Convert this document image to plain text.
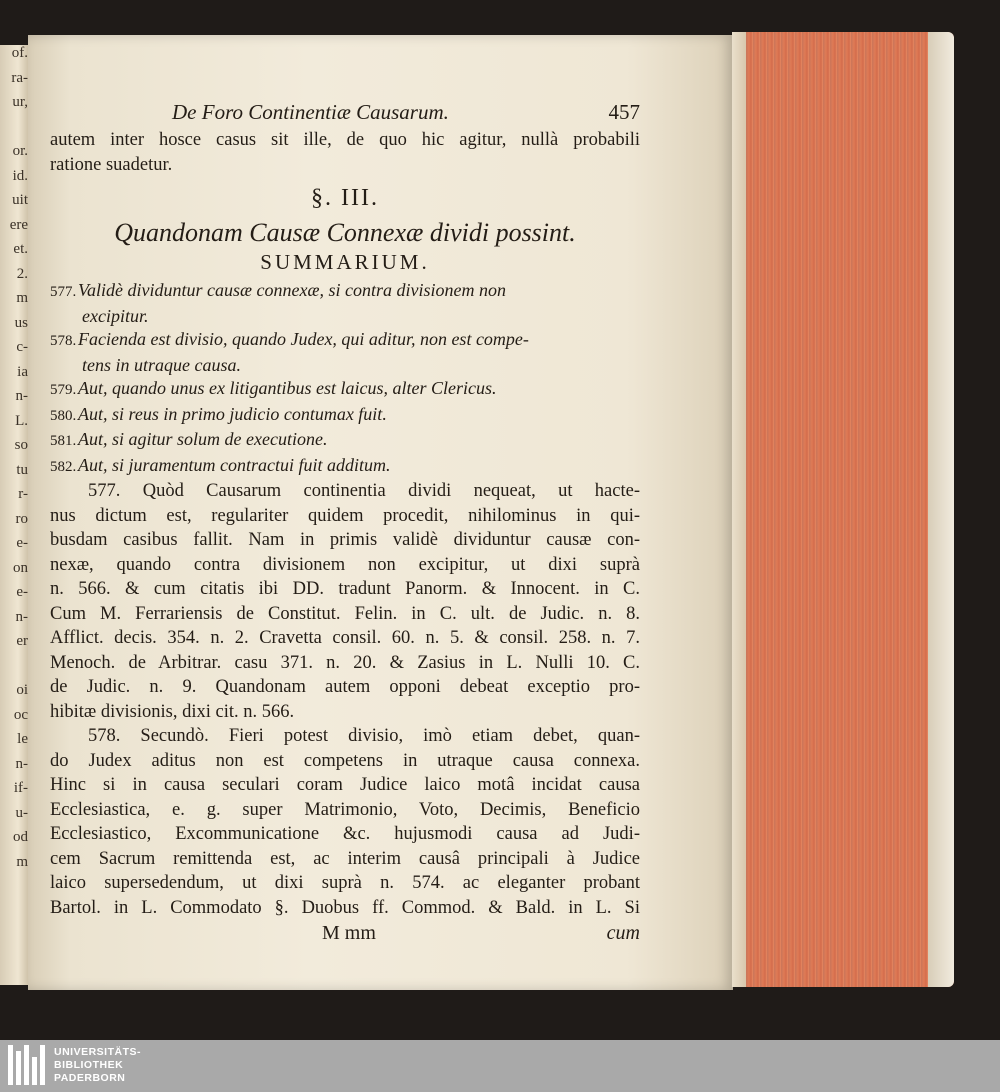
of.
ra-
ur,
or.
id.
uit
ere
et.
2.
m
us
c-
ia
n-
L.
so
tu
r-
ro
e-
on
e-
n-
er
oi
oc
le
n-
if-
u-
od
m
De Foro Continentiæ Causarum.	457
autem inter hosce casus sit ille, de quo hic agitur, nullà probabili
ratione suadetur.
§. III.
Quandonam Causæ Connexæ dividi possint.
SUMMARIUM.
577.Validè dividuntur causæ connexæ, si contra divisionem non
excipitur.
578.Facienda est divisio, quando Judex, qui aditur, non est compe-
tens in utraque causa.
579.Aut, quando unus ex litigantibus est laicus, alter Clericus.
580.Aut, si reus in primo judicio contumax fuit.
581.Aut, si agitur solum de executione.
582.Aut, si juramentum contractui fuit additum.
577. Quòd Causarum continentia dividi nequeat, ut hacte-
nus dictum est, regulariter quidem procedit, nihilominus in qui-
busdam casibus fallit. Nam in primis validè dividuntur causæ con-
nexæ, quando contra divisionem non excipitur, ut dixi suprà
n. 566. & cum citatis ibi DD. tradunt Panorm. & Innocent. in C.
Cum M. Ferrariensis de Constitut. Felin. in C. ult. de Judic. n. 8.
Afflict. decis. 354. n. 2. Cravetta consil. 60. n. 5. & consil. 258. n. 7.
Menoch. de Arbitrar. casu 371. n. 20. & Zasius in L. Nulli 10. C.
de Judic. n. 9. Quandonam autem opponi debeat exceptio pro-
hibitæ divisionis, dixi cit. n. 566.
578. Secundò. Fieri potest divisio, imò etiam debet, quan-
do Judex aditus non est competens in utraque causa connexa.
Hinc si in causa seculari coram Judice laico motâ incidat causa
Ecclesiastica, e. g. super Matrimonio, Voto, Decimis, Beneficio
Ecclesiastico, Excommunicatione &c. hujusmodi causa ad Judi-
cem Sacrum remittenda est, ac interim causâ principali à Judice
laico supersedendum, ut dixi suprà n. 574. ac eleganter probant
Bartol. in L. Commodato §. Duobus ff. Commod. & Bald. in L. Si
M mm	cum
UNIVERSITÄTS-
BIBLIOTHEK
PADERBORN
